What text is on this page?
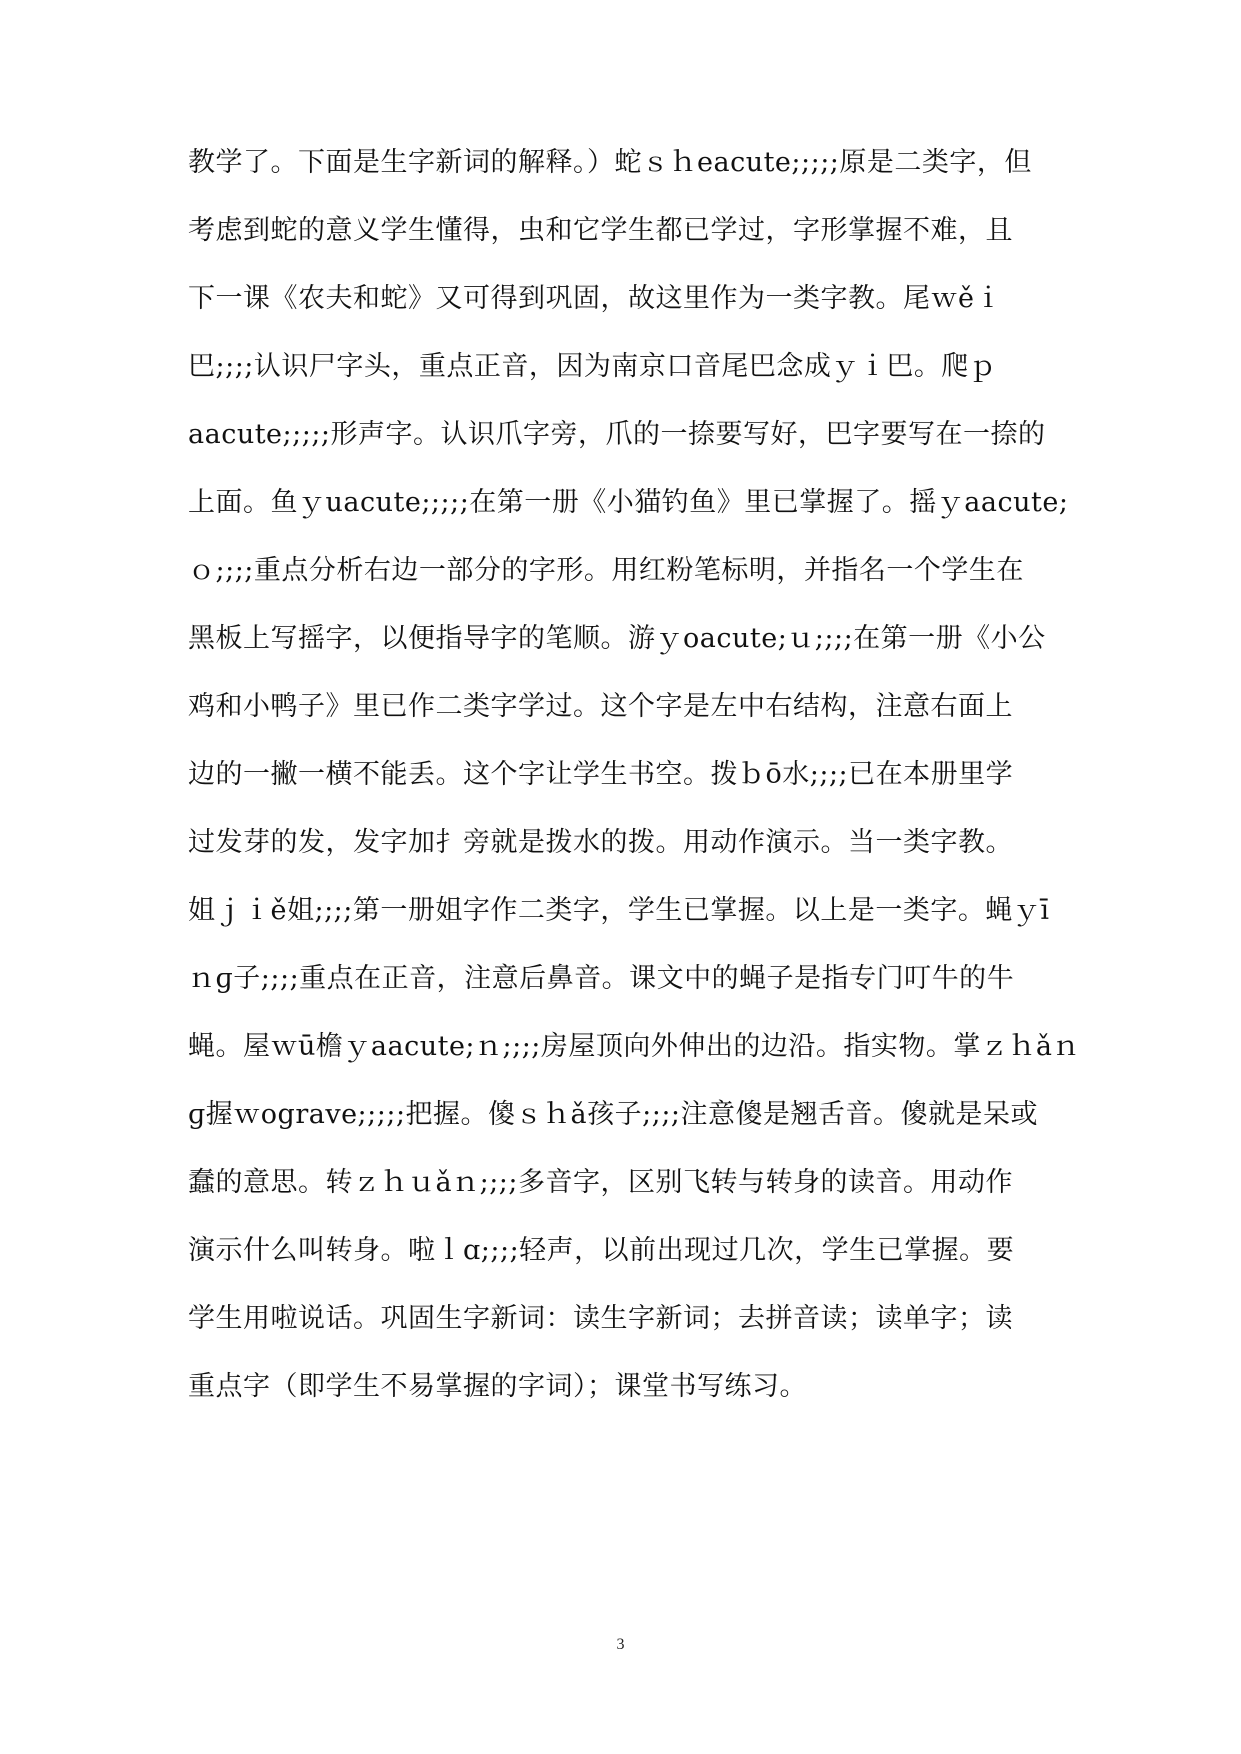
教学了。下面是生字新词的解释。）蛇ｓｈeacute;;;;;原是二类字，但
考虑到蛇的意义学生懂得，虫和它学生都已学过，字形掌握不难，且
下一课《农夫和蛇》又可得到巩固，故这里作为一类字教。尾ｗěｉ
巴;;;;认识尸字头，重点正音，因为南京口音尾巴念成ｙｉ巴。爬ｐ
aacute;;;;;形声字。认识爪字旁，爪的一捺要写好，巴字要写在一捺的
上面。鱼ｙuacute;;;;;在第一册《小猫钓鱼》里已掌握了。摇ｙaacute;
ｏ;;;;重点分析右边一部分的字形。用红粉笔标明，并指名一个学生在
黑板上写摇字，以便指导字的笔顺。游ｙoacute;ｕ;;;;在第一册《小公
鸡和小鸭子》里已作二类字学过。这个字是左中右结构，注意右面上
边的一撇一横不能丢。这个字让学生书空。拨ｂō水;;;;已在本册里学
过发芽的发，发字加扌旁就是拨水的拨。用动作演示。当一类字教。
姐ｊｉě姐;;;;第一册姐字作二类字，学生已掌握。以上是一类字。蝇ｙī
ｎɡ子;;;;重点在正音，注意后鼻音。课文中的蝇子是指专门叮牛的牛
蝇。屋ｗū檐ｙaacute;ｎ;;;;房屋顶向外伸出的边沿。指实物。掌ｚｈǎｎ
ɡ握ｗograve;;;;;把握。傻ｓｈǎ孩子;;;;注意傻是翘舌音。傻就是呆或
蠢的意思。转ｚｈｕǎｎ;;;;多音字，区别飞转与转身的读音。用动作
演示什么叫转身。啦ｌɑ;;;;轻声，以前出现过几次，学生已掌握。要
学生用啦说话。巩固生字新词：读生字新词；去拼音读；读单字；读
重点字（即学生不易掌握的字词）；课堂书写练习。
3
